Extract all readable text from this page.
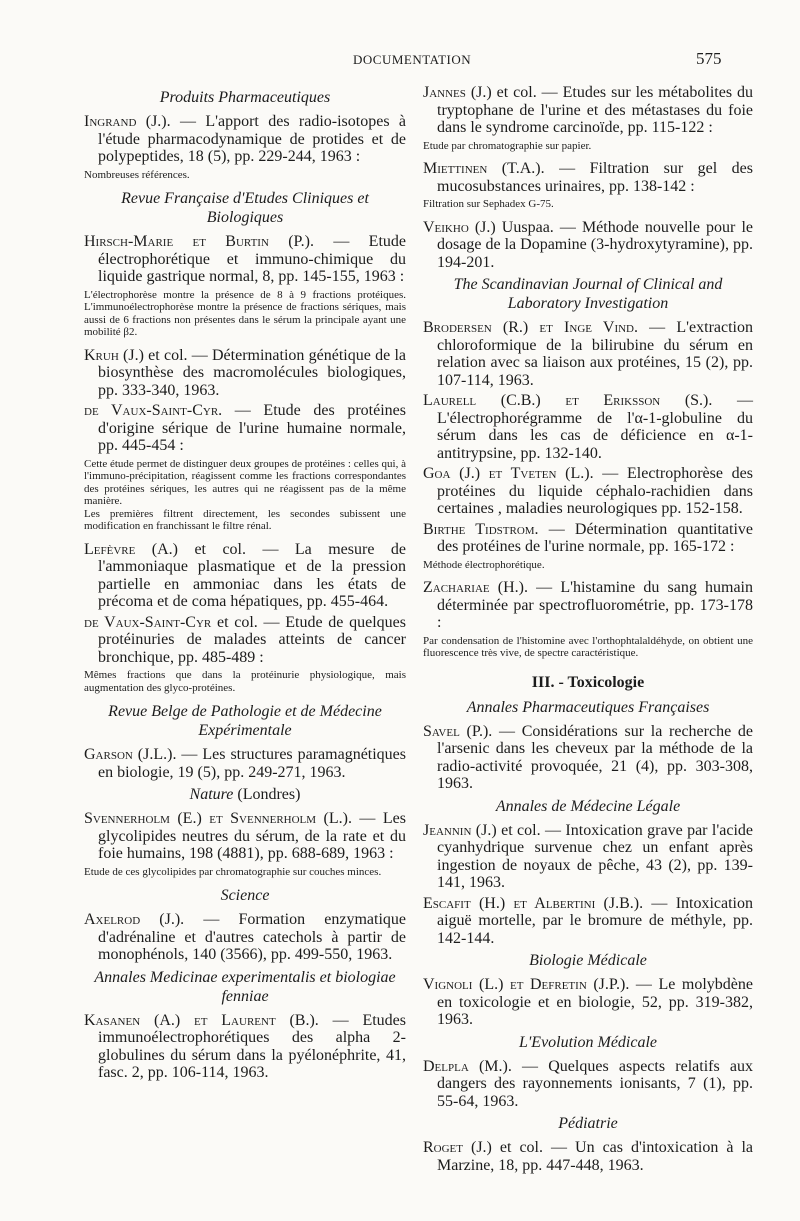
DOCUMENTATION	575
Produits Pharmaceutiques
Ingrand (J.). — L'apport des radio-isotopes à l'étude pharmacodynamique de protides et de polypeptides, 18 (5), pp. 229-244, 1963 :
Nombreuses références.
Revue Française d'Etudes Cliniques et Biologiques
Hirsch-Marie et Burtin (P.). — Etude électrophorétique et immuno-chimique du liquide gastrique normal, 8, pp. 145-155, 1963 :
L'électrophorèse montre la présence de 8 à 9 fractions protéiques. L'immunoélectrophorèse montre la présence de fractions sériques, mais aussi de 6 fractions non présentes dans le sérum la principale ayant une mobilité β2.
Kruh (J.) et col. — Détermination génétique de la biosynthèse des macromolécules biologiques, pp. 333-340, 1963.
de Vaux-Saint-Cyr. — Etude des protéines d'origine sérique de l'urine humaine normale, pp. 445-454 :
Cette étude permet de distinguer deux groupes de protéines : celles qui, à l'immuno-précipitation, réagissent comme les fractions correspondantes des protéines sériques, les autres qui ne réagissent pas de la même manière.
Les premières filtrent directement, les secondes subissent une modification en franchissant le filtre rénal.
Lefèvre (A.) et col. — La mesure de l'ammoniaque plasmatique et de la pression partielle en ammoniac dans les états de précoma et de coma hépatiques, pp. 455-464.
de Vaux-Saint-Cyr et col. — Etude de quelques protéinuries de malades atteints de cancer bronchique, pp. 485-489 :
Mêmes fractions que dans la protéinurie physiologique, mais augmentation des glyco-protéines.
Revue Belge de Pathologie et de Médecine Expérimentale
Garson (J.L.). — Les structures paramagnétiques en biologie, 19 (5), pp. 249-271, 1963.
Nature (Londres)
Svennerholm (E.) et Svennerholm (L.). — Les glycolipides neutres du sérum, de la rate et du foie humains, 198 (4881), pp. 688-689, 1963 :
Etude de ces glycolipides par chromatographie sur couches minces.
Science
Axelrod (J.). — Formation enzymatique d'adrénaline et d'autres catechols à partir de monophénols, 140 (3566), pp. 499-550, 1963.
Annales Medicinae experimentalis et biologiae fenniae
Kasanen (A.) et Laurent (B.). — Etudes immunoélectrophorétiques des alpha 2-globulines du sérum dans la pyélonéphrite, 41, fasc. 2, pp. 106-114, 1963.
Jannes (J.) et col. — Etudes sur les métabolites du tryptophane de l'urine et des métastases du foie dans le syndrome carcinoïde, pp. 115-122 :
Etude par chromatographie sur papier.
Miettinen (T.A.). — Filtration sur gel des mucosubstances urinaires, pp. 138-142 :
Filtration sur Sephadex G-75.
Veikho (J.) Uuspaa. — Méthode nouvelle pour le dosage de la Dopamine (3-hydroxytyramine), pp. 194-201.
The Scandinavian Journal of Clinical and Laboratory Investigation
Brodersen (R.) et Inge Vind. — L'extraction chloroformique de la bilirubine du sérum en relation avec sa liaison aux protéines, 15 (2), pp. 107-114, 1963.
Laurell (C.B.) et Eriksson (S.). — L'électrophorégramme de l'α-1-globuline du sérum dans les cas de déficience en α-1-antitrypsine, pp. 132-140.
Goa (J.) et Tveten (L.). — Electrophorèse des protéines du liquide céphalo-rachidien dans certaines , maladies neurologiques pp. 152-158.
Birthe Tidstrom. — Détermination quantitative des protéines de l'urine normale, pp. 165-172 :
Méthode électrophorétique.
Zachariae (H.). — L'histamine du sang humain déterminée par spectrofluorométrie, pp. 173-178 :
Par condensation de l'histomine avec l'orthophtalaldéhyde, on obtient une fluorescence très vive, de spectre caractéristique.
III. - Toxicologie
Annales Pharmaceutiques Françaises
Savel (P.). — Considérations sur la recherche de l'arsenic dans les cheveux par la méthode de la radio-activité provoquée, 21 (4), pp. 303-308, 1963.
Annales de Médecine Légale
Jeannin (J.) et col. — Intoxication grave par l'acide cyanhydrique survenue chez un enfant après ingestion de noyaux de pêche, 43 (2), pp. 139-141, 1963.
Escafit (H.) et Albertini (J.B.). — Intoxication aiguë mortelle, par le bromure de méthyle, pp. 142-144.
Biologie Médicale
Vignoli (L.) et Defretin (J.P.). — Le molybdène en toxicologie et en biologie, 52, pp. 319-382, 1963.
L'Evolution Médicale
Delpla (M.). — Quelques aspects relatifs aux dangers des rayonnements ionisants, 7 (1), pp. 55-64, 1963.
Pédiatrie
Roget (J.) et col. — Un cas d'intoxication à la Marzine, 18, pp. 447-448, 1963.
